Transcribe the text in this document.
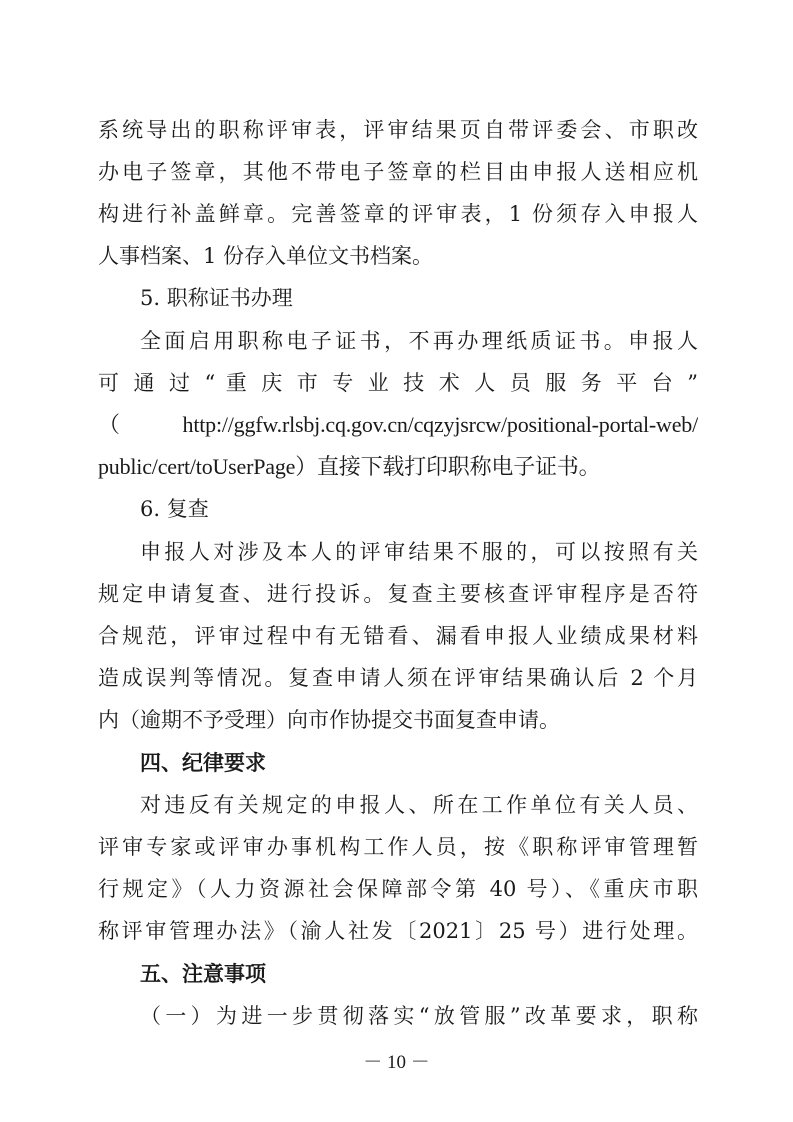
系统导出的职称评审表，评审结果页自带评委会、市职改
办电子签章，其他不带电子签章的栏目由申报人送相应机
构进行补盖鲜章。完善签章的评审表，1 份须存入申报人
人事档案、1 份存入单位文书档案。
5. 职称证书办理
全面启用职称电子证书，不再办理纸质证书。申报人
可 通 过 “ 重 庆 市 专 业 技 术 人 员 服 务 平 台 ”
（ http://ggfw.rlsbj.cq.gov.cn/cqzyjsrcw/positional-portal-web/
public/cert/toUserPage）直接下载打印职称电子证书。
6. 复查
申报人对涉及本人的评审结果不服的，可以按照有关
规定申请复查、进行投诉。复查主要核查评审程序是否符
合规范，评审过程中有无错看、漏看申报人业绩成果材料
造成误判等情况。复查申请人须在评审结果确认后 2 个月
内（逾期不予受理）向市作协提交书面复查申请。
四、纪律要求
对违反有关规定的申报人、所在工作单位有关人员、
评审专家或评审办事机构工作人员，按《职称评审管理暂
行规定》（人力资源社会保障部令第 40 号）、《重庆市职
称评审管理办法》（渝人社发〔2021〕25 号）进行处理。
五、注意事项
（一）为进一步贯彻落实“放管服”改革要求，职称
－ 10 －
